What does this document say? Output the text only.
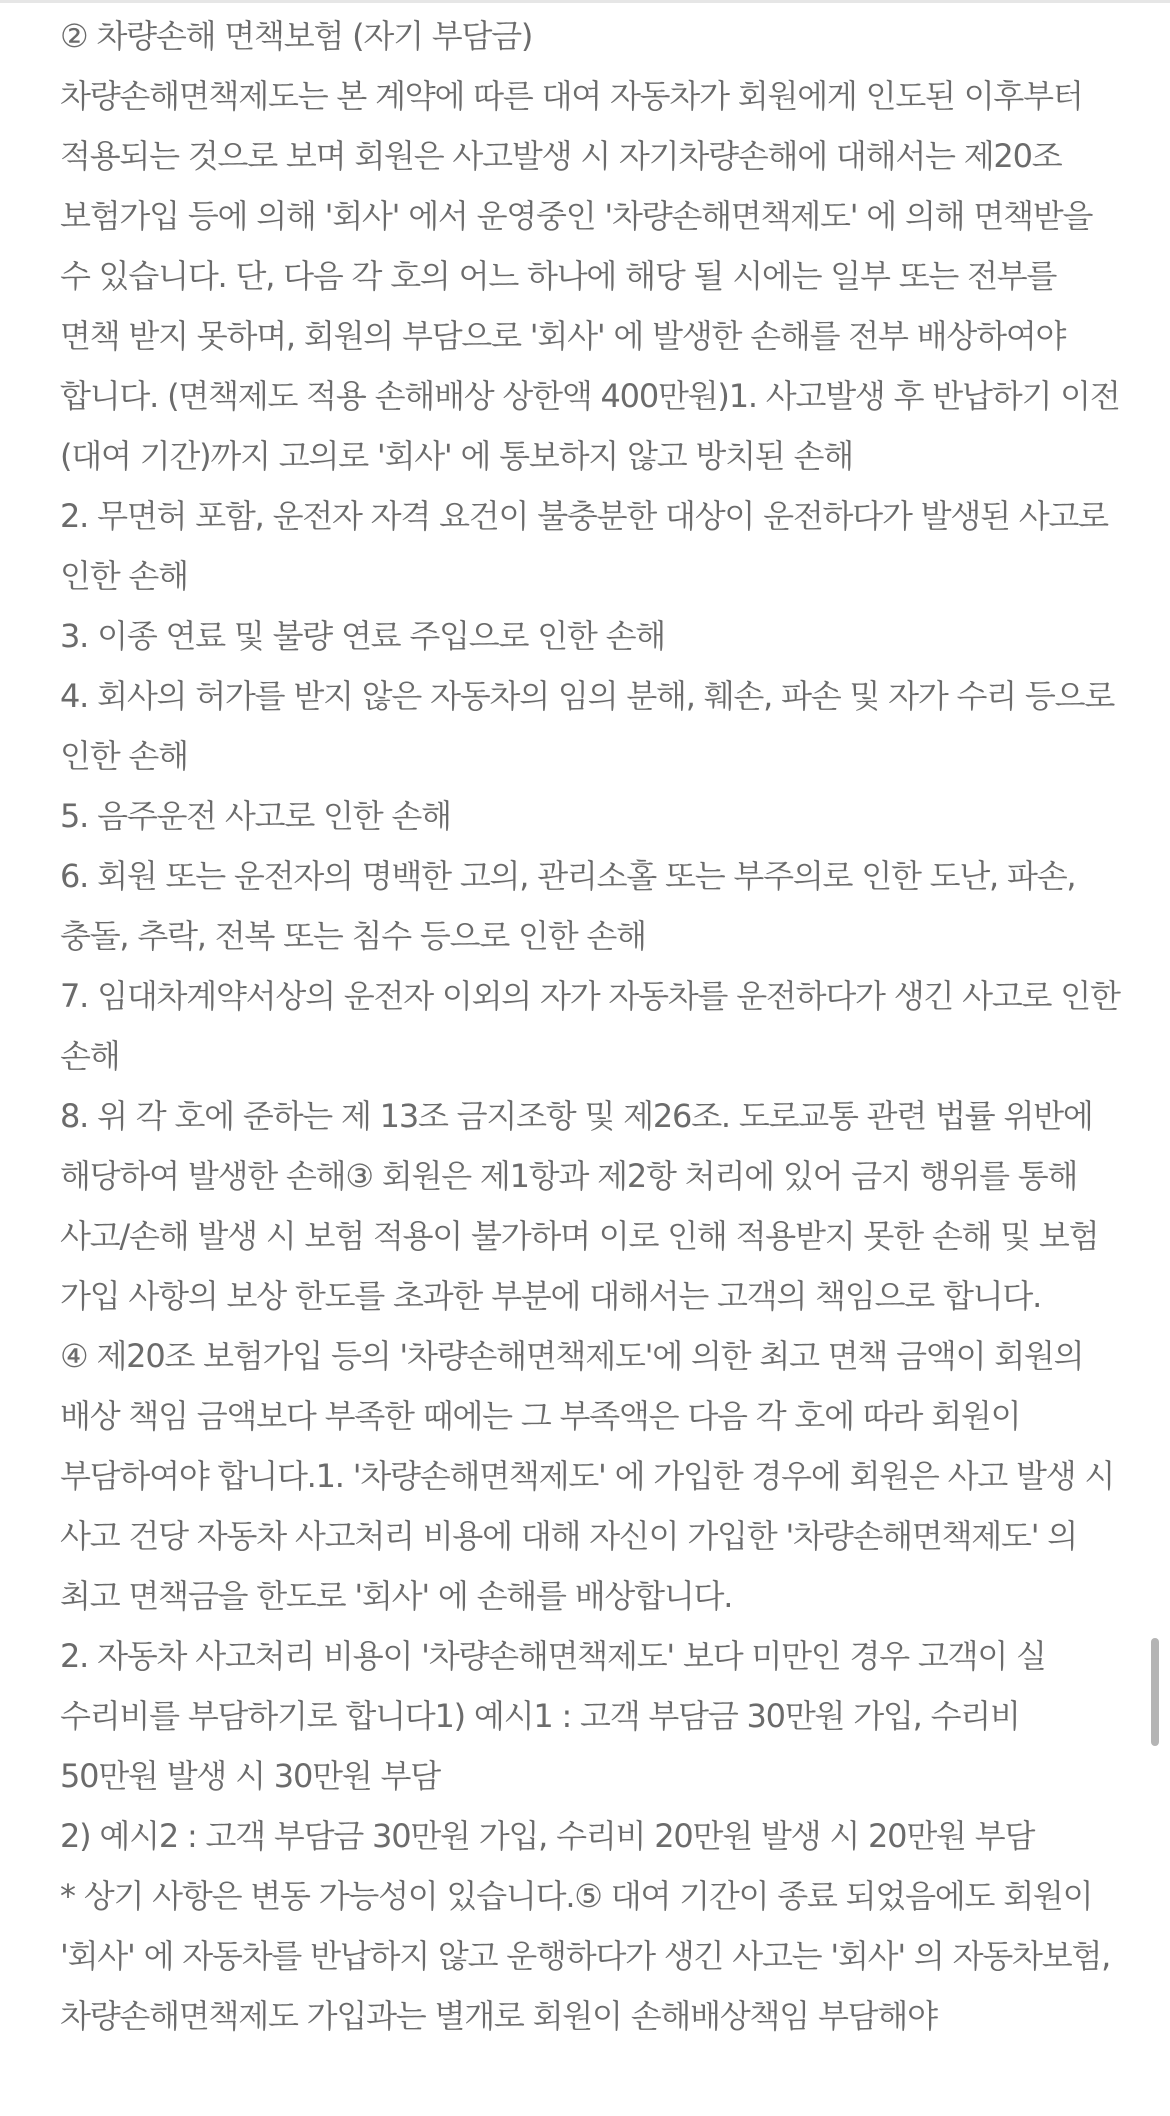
② 차량손해 면책보험 (자기 부담금)

차량손해면책제도는 본 계약에 따른 대여 자동차가 회원에게 인도된 이후부터 적용되는 것으로 보며 회원은 사고발생 시 자기차량손해에 대해서는 제20조 보험가입 등에 의해 '회사' 에서 운영중인 '차량손해면책제도' 에 의해 면책받을 수 있습니다. 단, 다음 각 호의 어느 하나에 해당 될 시에는 일부 또는 전부를 면책 받지 못하며, 회원의 부담으로 '회사' 에 발생한 손해를 전부 배상하여야 합니다. (면책제도 적용 손해배상 상한액 400만원)1. 사고발생 후 반납하기 이전(대여 기간)까지 고의로 '회사' 에 통보하지 않고 방치된 손해

2. 무면허 포함, 운전자 자격 요건이 불충분한 대상이 운전하다가 발생된 사고로 인한 손해

3. 이종 연료 및 불량 연료 주입으로 인한 손해

4. 회사의 허가를 받지 않은 자동차의 임의 분해, 훼손, 파손 및 자가 수리 등으로 인한 손해

5. 음주운전 사고로 인한 손해

6. 회원 또는 운전자의 명백한 고의, 관리소홀 또는 부주의로 인한 도난, 파손, 충돌, 추락, 전복 또는 침수 등으로 인한 손해

7. 임대차계약서상의 운전자 이외의 자가 자동차를 운전하다가 생긴 사고로 인한 손해

8. 위 각 호에 준하는 제 13조 금지조항 및 제26조. 도로교통 관련 법률 위반에 해당하여 발생한 손해③ 회원은 제1항과 제2항 처리에 있어 금지 행위를 통해 사고/손해 발생 시 보험 적용이 불가하며 이로 인해 적용받지 못한 손해 및 보험 가입 사항의 보상 한도를 초과한 부분에 대해서는 고객의 책임으로 합니다.

④ 제20조 보험가입 등의 '차량손해면책제도'에 의한 최고 면책 금액이 회원의 배상 책임 금액보다 부족한 때에는 그 부족액은 다음 각 호에 따라 회원이 부담하여야 합니다.1. '차량손해면책제도' 에 가입한 경우에 회원은 사고 발생 시 사고 건당 자동차 사고처리 비용에 대해 자신이 가입한 '차량손해면책제도' 의 최고 면책금을 한도로 '회사' 에 손해를 배상합니다.

2. 자동차 사고처리 비용이 '차량손해면책제도' 보다 미만인 경우 고객이 실 수리비를 부담하기로 합니다1) 예시1 : 고객 부담금 30만원 가입, 수리비 50만원 발생 시 30만원 부담

2) 예시2 : 고객 부담금 30만원 가입, 수리비 20만원 발생 시 20만원 부담

* 상기 사항은 변동 가능성이 있습니다.⑤ 대여 기간이 종료 되었음에도 회원이 '회사' 에 자동차를 반납하지 않고 운행하다가 생긴 사고는 '회사' 의 자동차보험, 차량손해면책제도 가입과는 별개로 회원이 손해배상책임 부담해야
